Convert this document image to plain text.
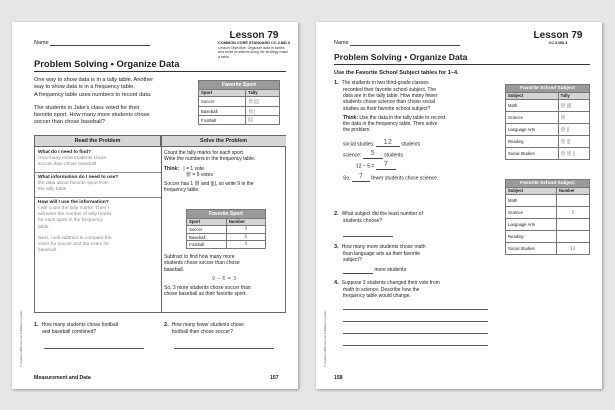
Name
Lesson 79
COMMON CORE STANDARD CC.3.MD.3
Lesson Objective: Organize data in tables and solve problems using the strategy make a table.
Problem Solving • Organize Data
One way to show data is in a tally table. Another
way to show data is in a frequency table.
A frequency table uses numbers to record data.
The students in Jake's class voted for their
favorite sport. How many more students chose
soccer than chose baseball?
Favorite Sport	
Sport	Tally
Soccer	卌 ||||
Baseball	卌 |
Football	||||
Read the Problem	Solve the Problem
What do I need to find?
How many more students chose
soccer than chose baseball
What information do I need to use?
the data about favorite sport from
the tally table
How will I use the information?
I will count the tally marks. Then I
will write the number of tally marks
for each sport in the frequency
table.
Next, I will subtract to compare the
votes for soccer and the votes for
baseball.
Count the tally marks for each sport.
Write the numbers in the frequency table.
Think: | = 1 vote
卌 = 5 votes
Soccer has 1 卌 and ||||, so write 9 in the
frequency table.
Favorite Sport	
Sport	Number
Soccer	9
Baseball	6
Football	4
Subtract to find how many more
students chose soccer than chose
baseball.
9 − 6 = 3
So, 3 more students chose soccer than
chose baseball as their favorite sport.
1. How many students chose football
and baseball combined?
2. How many fewer students chose
football than chose soccer?
Measurement and Data	157
© Houghton Mifflin Harcourt Publishing Company
Name
Lesson 79
CC.3.MD.3
Problem Solving • Organize Data
Use the Favorite School Subject tables for 1–4.
1. The students in two third-grade classes
recorded their favorite school subject. The
data are in the tally table. How many fewer
students chose science than chose social
studies as their favorite school subject?
Think: Use the data in the tally table to record
the data in the frequency table. Then solve
the problem.
social studies: 12 students
science: 5 students
12 − 5 = 7
So, 7 fewer students chose science.
2. What subject did the least number of
students choose?
3. How many more students chose math
than language arts as their favorite
subject?
more students
4. Suppose 3 students changed their vote from
math to science. Describe how the
frequency table would change.
Favorite School Subject	
Subject	Tally
Math	卌 ||||
Science	卌
Language Arts	卌 ||
Reading	卌 |||
Social Studies	卌 卌 ||
Favorite School Subject	
Subject	Number
Math	
Science	5
Language Arts	
Reading	
Social Studies	12
158
© Houghton Mifflin Harcourt Publishing Company
